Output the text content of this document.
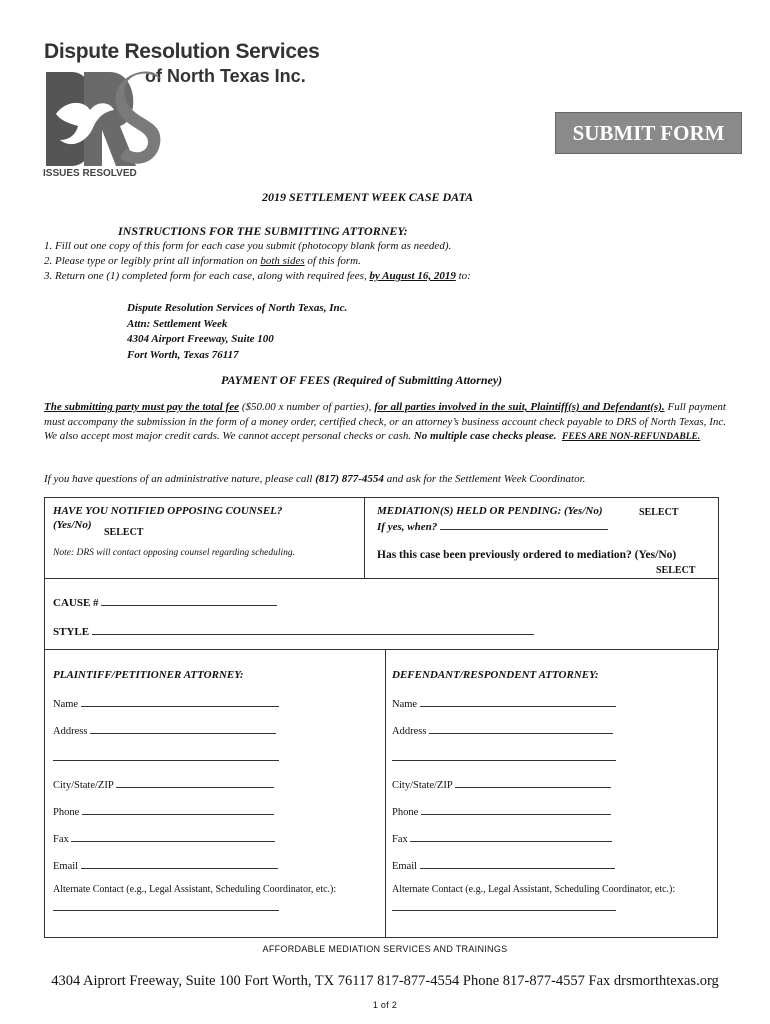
Dispute Resolution Services
of North Texas Inc.
ISSUES RESOLVED
SUBMIT FORM
2019 SETTLEMENT WEEK CASE DATA
INSTRUCTIONS FOR THE SUBMITTING ATTORNEY:
1. Fill out one copy of this form for each case you submit (photocopy blank form as needed).
2. Please type or legibly print all information on both sides of this form.
3. Return one (1) completed form for each case, along with required fees, by August 16, 2019 to:
Dispute Resolution Services of North Texas, Inc.
Attn: Settlement Week
4304 Airport Freeway, Suite 100
Fort Worth, Texas 76117
PAYMENT OF FEES (Required of Submitting Attorney)
The submitting party must pay the total fee ($50.00 x number of parties), for all parties involved in the suit, Plaintiff(s) and Defendant(s). Full payment must accompany the submission in the form of a money order, certified check, or an attorney’s business account check payable to DRS of North Texas, Inc. We also accept most major credit cards. We cannot accept personal checks or cash. No multiple case checks please. FEES ARE NON-REFUNDABLE.
If you have questions of an administrative nature, please call (817) 877-4554 and ask for the Settlement Week Coordinator.
HAVE YOU NOTIFIED OPPOSING COUNSEL?
(Yes/No)
SELECT
Note: DRS will contact opposing counsel regarding scheduling.
MEDIATION(S) HELD OR PENDING: (Yes/No)	SELECT
If yes, when?
Has this case been previously ordered to mediation? (Yes/No)
SELECT
CAUSE #
STYLE
PLAINTIFF/PETITIONER ATTORNEY:
Name
Address
City/State/ZIP
Phone
Fax
Email
Alternate Contact (e.g., Legal Assistant, Scheduling Coordinator, etc.):
DEFENDANT/RESPONDENT ATTORNEY:
Name
Address
City/State/ZIP
Phone
Fax
Email
Alternate Contact (e.g., Legal Assistant, Scheduling Coordinator, etc.):
AFFORDABLE MEDIATION SERVICES AND TRAININGS
4304 Aiprort Freeway, Suite 100 Fort Worth, TX 76117 817-877-4554 Phone 817-877-4557 Fax drsmorthtexas.org
1 of 2
